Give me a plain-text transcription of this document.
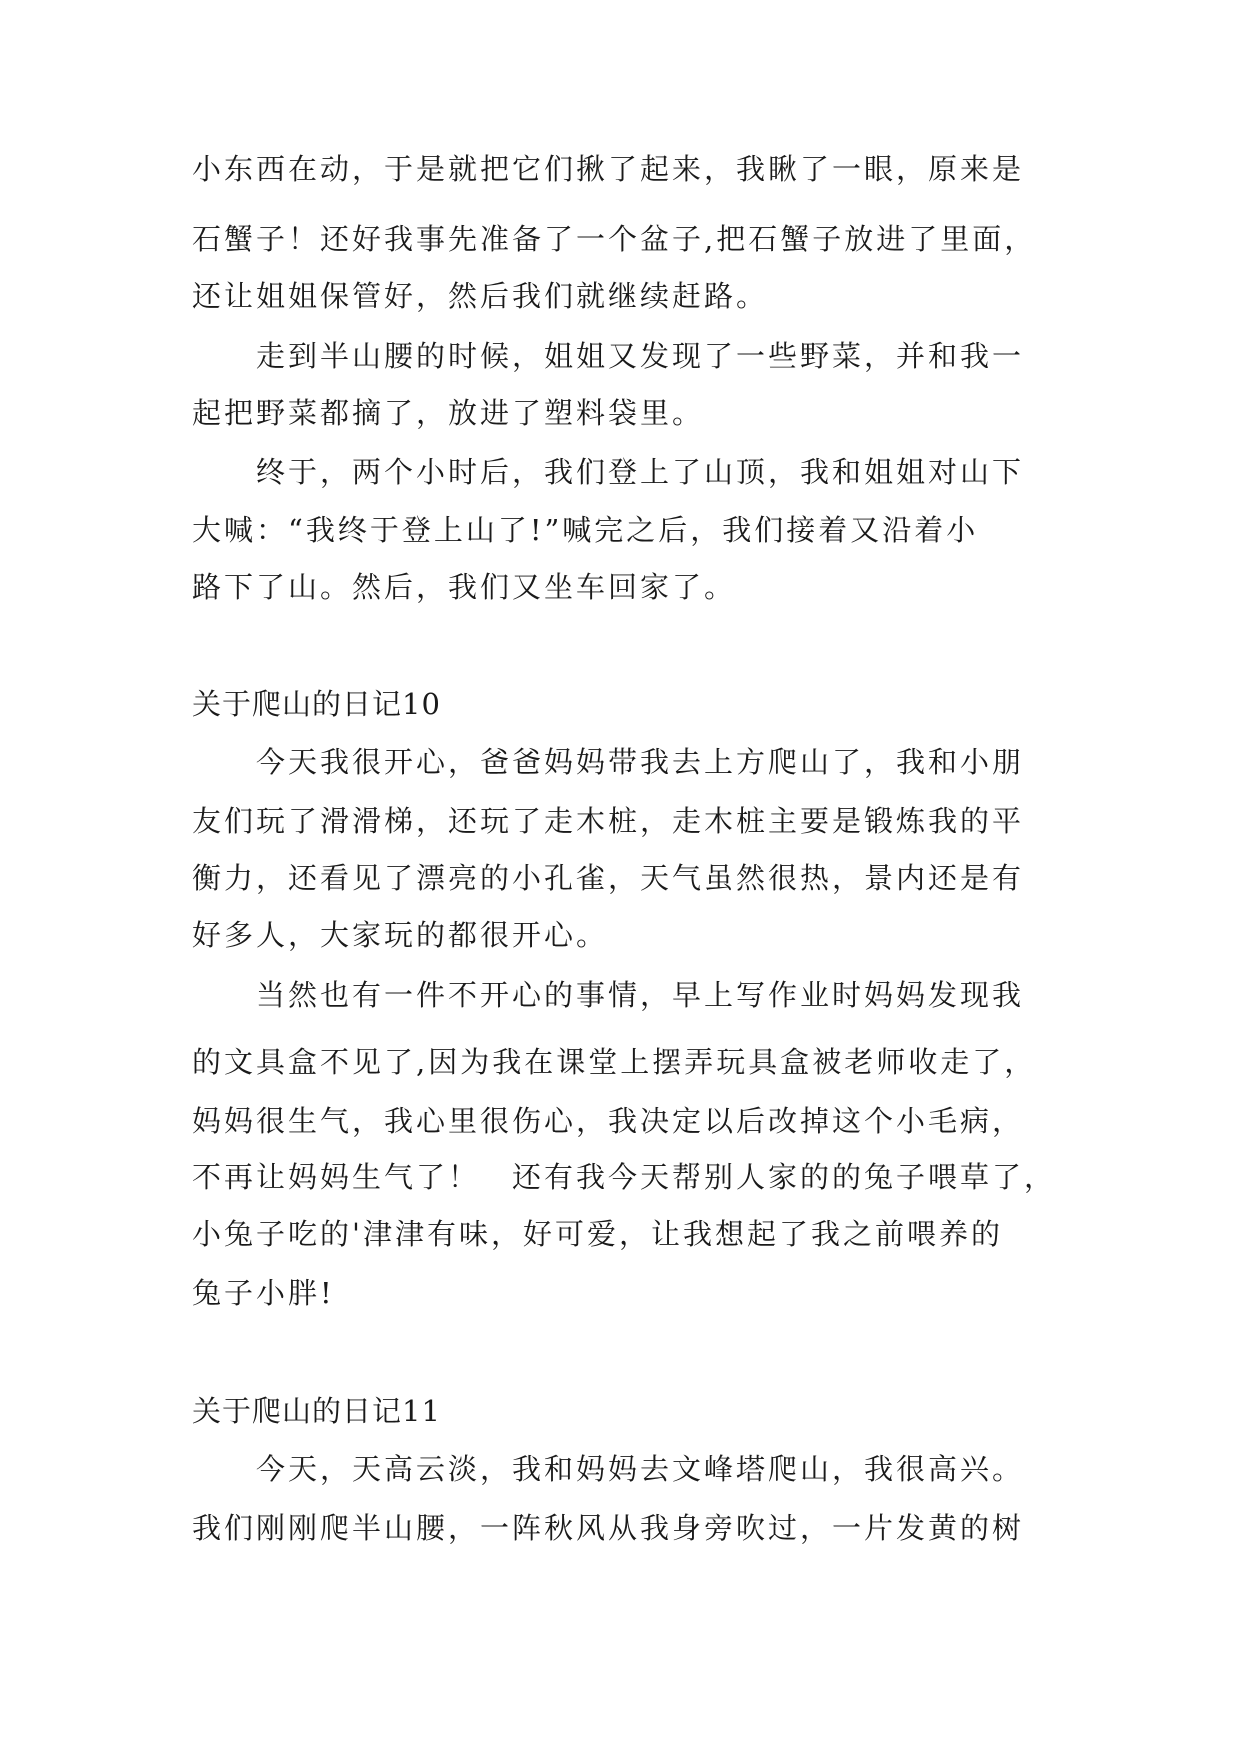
小东西在动，于是就把它们揪了起来，我瞅了一眼，原来是
石蟹子！还好我事先准备了一个盆子,把石蟹子放进了里面，
还让姐姐保管好，然后我们就继续赶路。
　　走到半山腰的时候，姐姐又发现了一些野菜，并和我一
起把野菜都摘了，放进了塑料袋里。
　　终于，两个小时后，我们登上了山顶，我和姐姐对山下
大喊：“我终于登上山了!”喊完之后，我们接着又沿着小
路下了山。然后，我们又坐车回家了。
关于爬山的日记10
　　今天我很开心，爸爸妈妈带我去上方爬山了，我和小朋
友们玩了滑滑梯，还玩了走木桩，走木桩主要是锻炼我的平
衡力，还看见了漂亮的小孔雀，天气虽然很热，景内还是有
好多人，大家玩的都很开心。
　　当然也有一件不开心的事情，早上写作业时妈妈发现我
的文具盒不见了,因为我在课堂上摆弄玩具盒被老师收走了，
妈妈很生气，我心里很伤心，我决定以后改掉这个小毛病，
不再让妈妈生气了！　还有我今天帮别人家的的兔子喂草了，
小兔子吃的'津津有味，好可爱，让我想起了我之前喂养的
兔子小胖!
关于爬山的日记11
　　今天，天高云淡，我和妈妈去文峰塔爬山，我很高兴。
我们刚刚爬半山腰，一阵秋风从我身旁吹过，一片发黄的树
